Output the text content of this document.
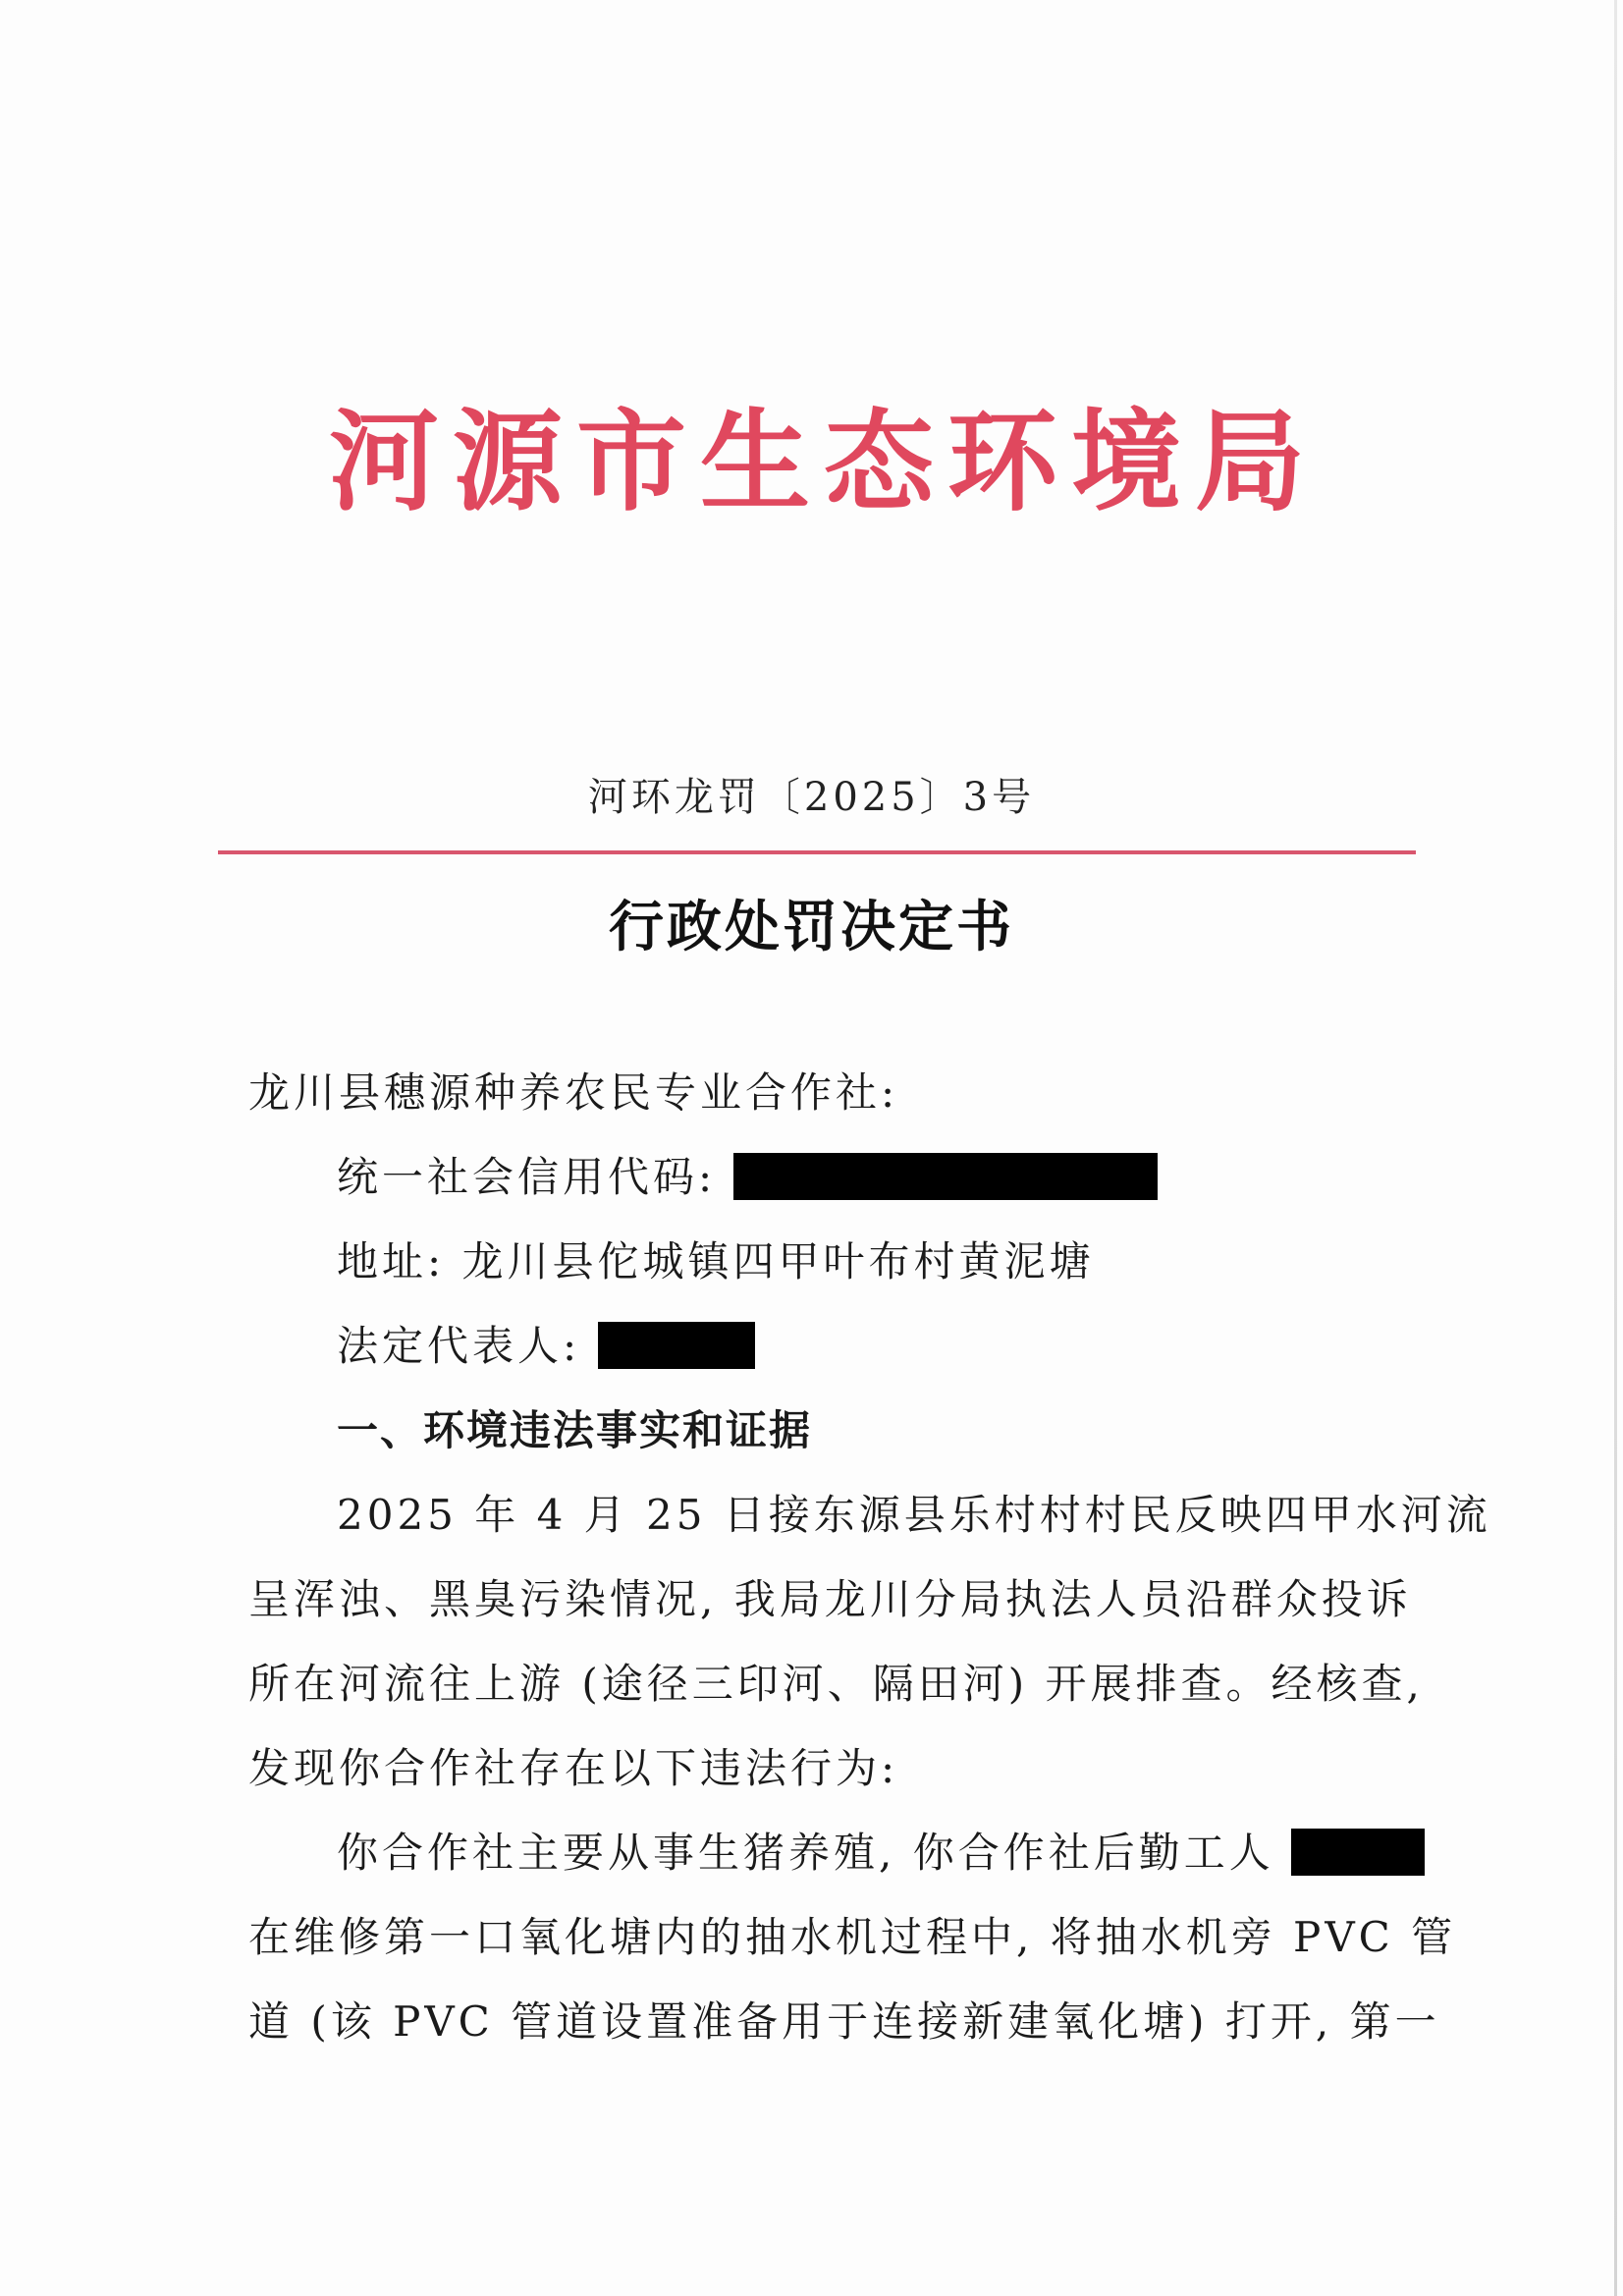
河源市生态环境局
河环龙罚〔2025〕3号
行政处罚决定书
龙川县穗源种养农民专业合作社:
统一社会信用代码:
地址: 龙川县佗城镇四甲叶布村黄泥塘
法定代表人:
一、环境违法事实和证据
2025 年 4 月 25 日接东源县乐村村村民反映四甲水河流
呈浑浊、黑臭污染情况, 我局龙川分局执法人员沿群众投诉
所在河流往上游 (途径三印河、隔田河) 开展排查。经核查,
发现你合作社存在以下违法行为:
你合作社主要从事生猪养殖, 你合作社后勤工人
在维修第一口氧化塘内的抽水机过程中, 将抽水机旁 PVC 管
道 (该 PVC 管道设置准备用于连接新建氧化塘) 打开, 第一
